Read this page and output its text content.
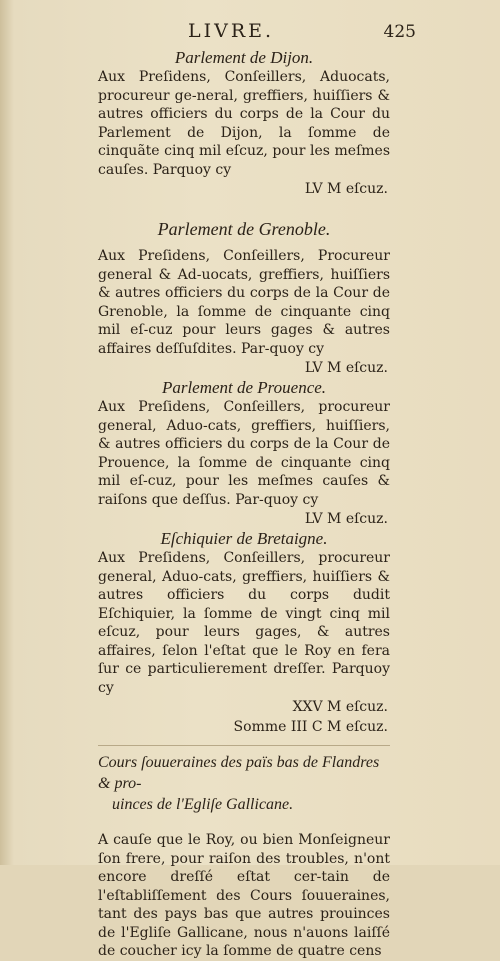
LIVRE.	425
Parlement de Dijon.

Aux Preſidens, Conſeillers, Aduocats, procureur ge-neral, greffiers, huiſſiers & autres officiers du corps de la Cour du Parlement de Dijon, la ſomme de cinquãte cinq mil eſcuz, pour les meſmes cauſes. Parquoy cy

LV M eſcuz.
Parlement de Grenoble.

Aux Preſidens, Conſeillers, Procureur general & Ad-uocats, greffiers, huiſſiers & autres officiers du corps de la Cour de Grenoble, la ſomme de cinquante cinq mil eſ-cuz pour leurs gages & autres affaires deſſuſdites. Par-quoy cy

LV M eſcuz.
Parlement de Prouence.

Aux Preſidens, Conſeillers, procureur general, Aduo-cats, greffiers, huiſſiers, & autres officiers du corps de la Cour de Prouence, la ſomme de cinquante cinq mil eſ-cuz, pour les meſmes cauſes & raiſons que deſſus. Par-quoy cy

LV M eſcuz.
Eſchiquier de Bretaigne.

Aux Preſidens, Conſeillers, procureur general, Aduo-cats, greffiers, huiſſiers & autres officiers du corps dudit Eſchiquier, la ſomme de vingt cinq mil eſcuz, pour leurs gages, & autres affaires, ſelon l'eſtat que le Roy en fera ſur ce particulierement dreſſer. Parquoy cy

XXV M eſcuz.
Somme III C M eſcuz.
Cours ſouueraines des païs bas de Flandres & pro-
uinces de l'Egliſe Gallicane.

A cauſe que le Roy, ou bien Monſeigneur ſon frere, pour raiſon des troubles, n'ont encore dreſſé eſtat cer-tain de l'eſtabliſſement des Cours ſouueraines, tant des pays bas que autres prouinces de l'Egliſe Gallicane, nous n'auons laiſſé de coucher icy la ſomme de quatre cens
